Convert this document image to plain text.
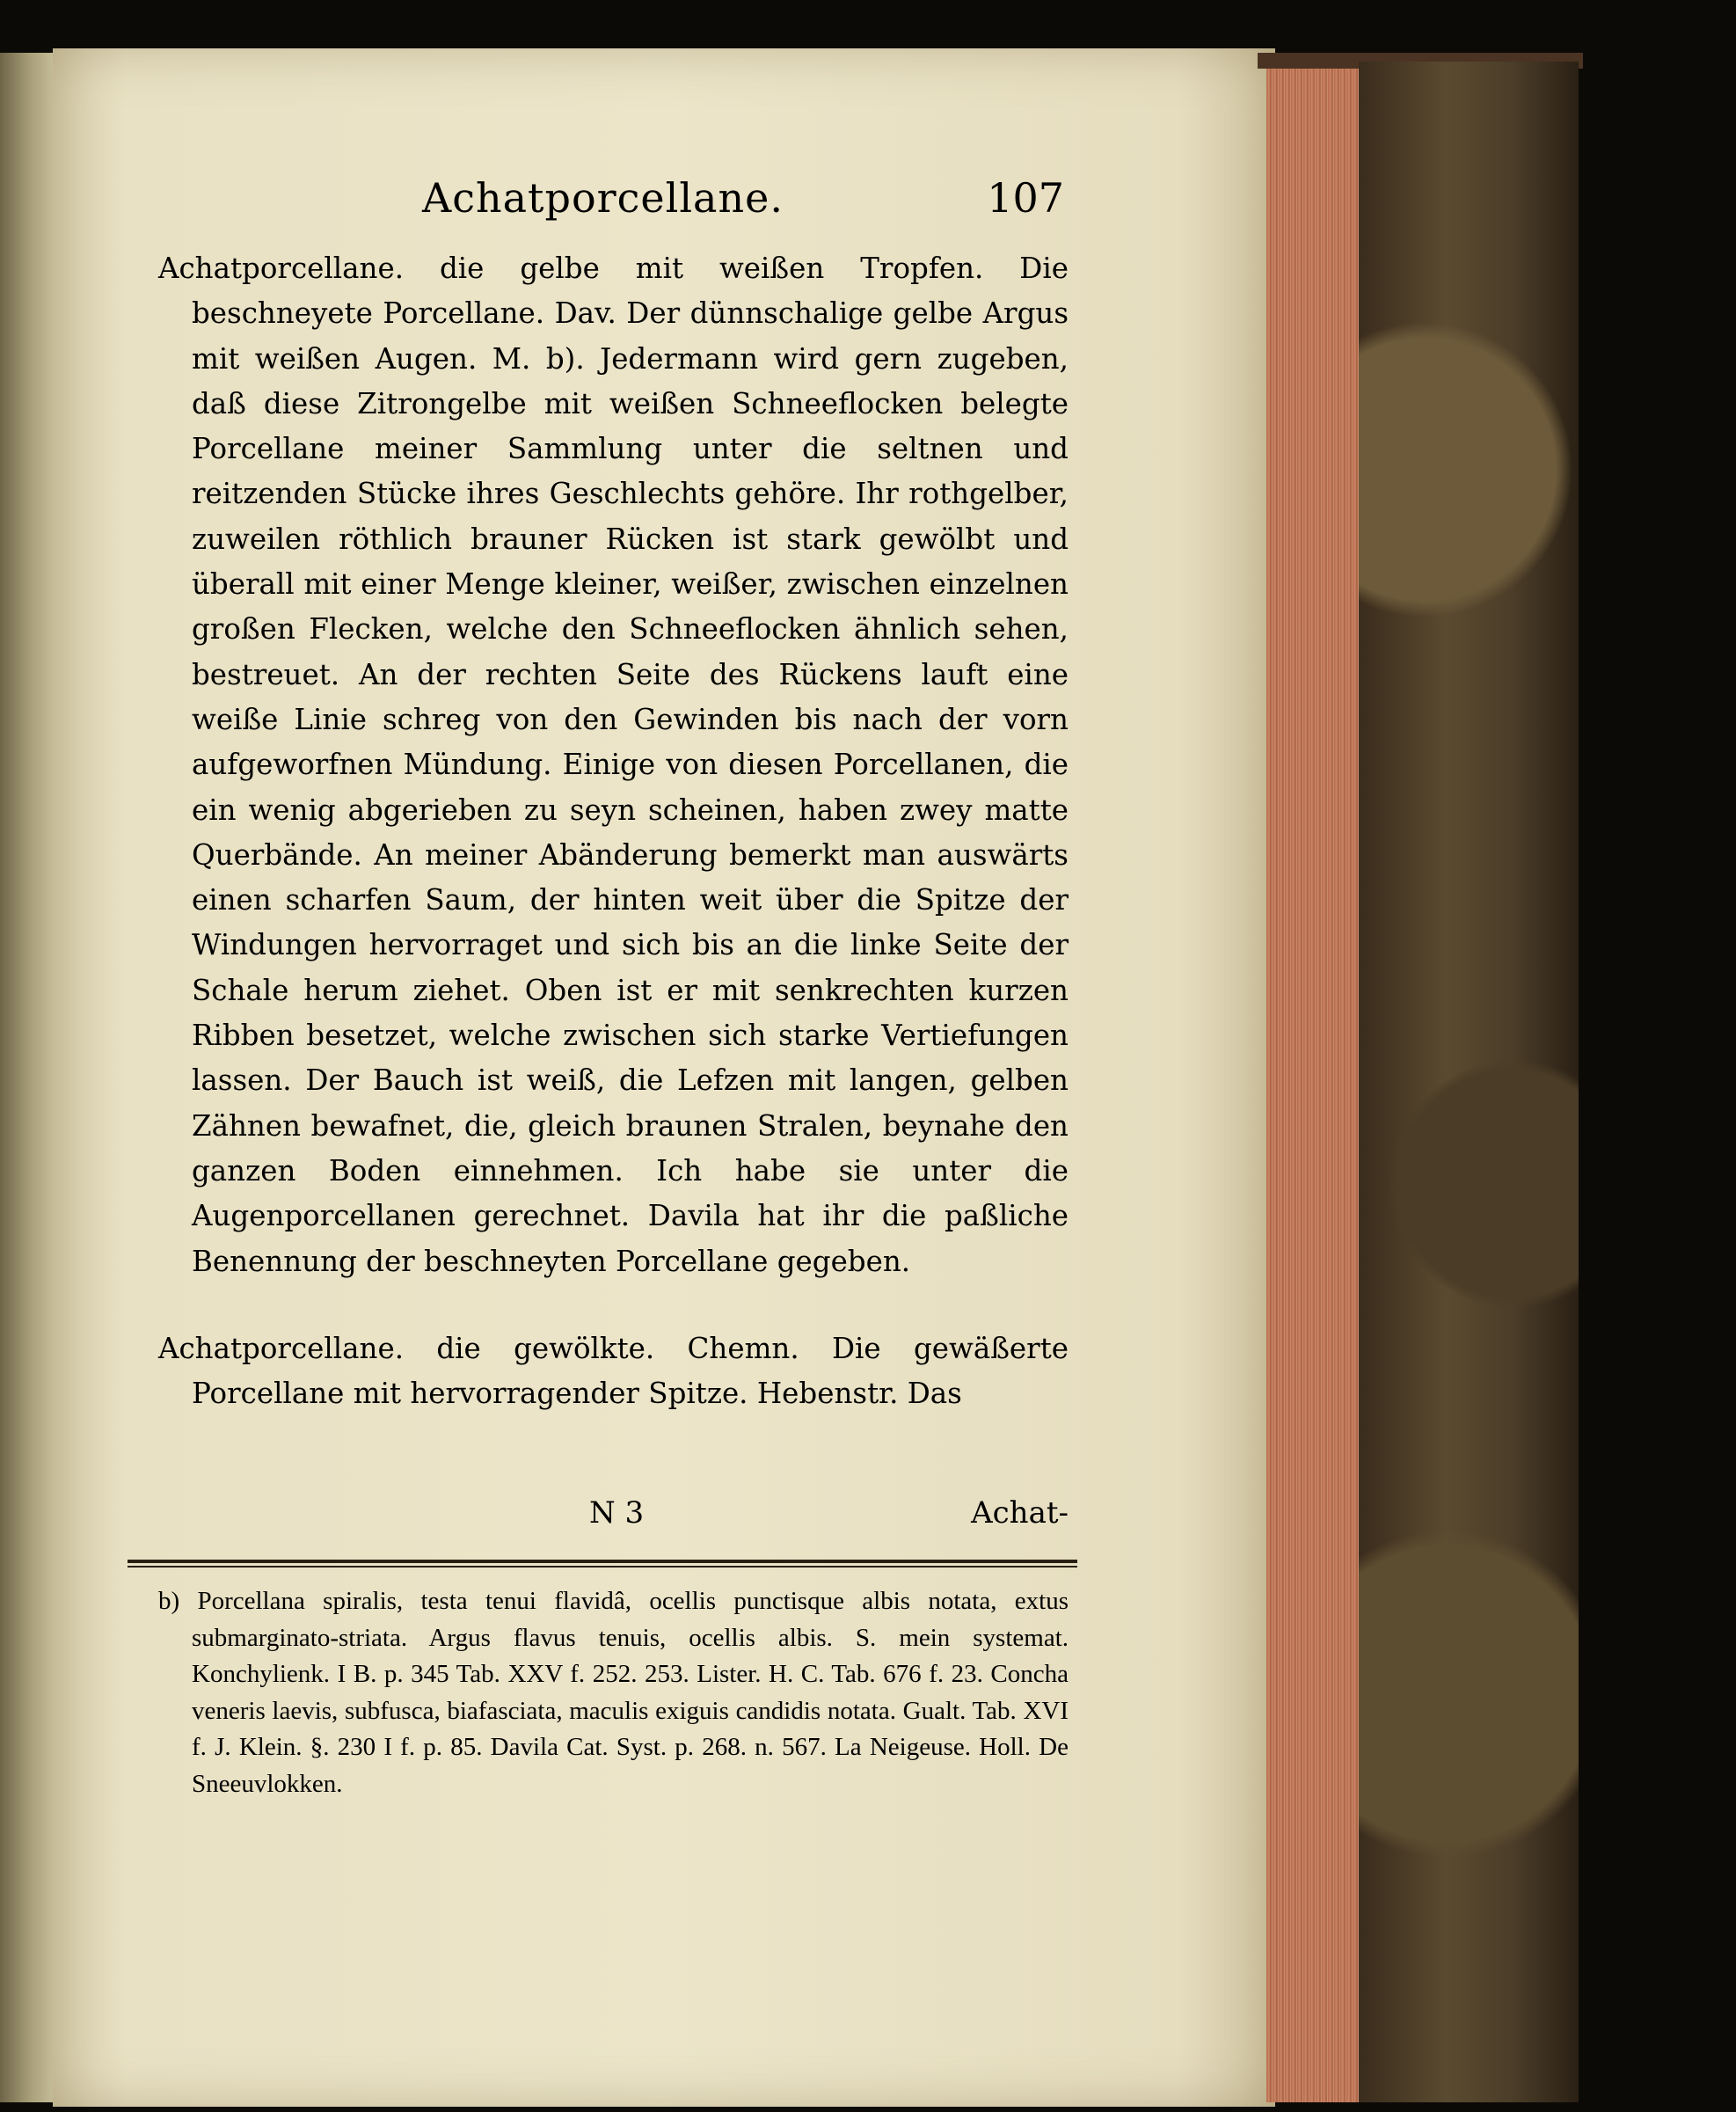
Achatporcellane.	107

Achatporcellane. die gelbe mit weißen Tropfen. Die beschneyete Porcellane. Dav. Der dünnschalige gelbe Argus mit weißen Augen. M. b). Jedermann wird gern zugeben, daß diese Zitrongelbe mit weißen Schneeflocken belegte Porcellane meiner Sammlung unter die seltnen und reitzenden Stücke ihres Geschlechts gehöre. Ihr rothgelber, zuweilen röthlich brauner Rücken ist stark gewölbt und überall mit einer Menge kleiner, weißer, zwischen einzelnen großen Flecken, welche den Schneeflocken ähnlich sehen, bestreuet. An der rechten Seite des Rückens lauft eine weiße Linie schreg von den Gewinden bis nach der vorn aufgeworfnen Mündung. Einige von diesen Porcellanen, die ein wenig abgerieben zu seyn scheinen, haben zwey matte Querbände. An meiner Abänderung bemerkt man auswärts einen scharfen Saum, der hinten weit über die Spitze der Windungen hervorraget und sich bis an die linke Seite der Schale herum ziehet. Oben ist er mit senkrechten kurzen Ribben besetzet, welche zwischen sich starke Vertiefungen lassen. Der Bauch ist weiß, die Lefzen mit langen, gelben Zähnen bewafnet, die, gleich braunen Stralen, beynahe den ganzen Boden einnehmen. Ich habe sie unter die Augenporcellanen gerechnet. Davila hat ihr die paßliche Benennung der beschneyten Porcellane gegeben.

Achatporcellane. die gewölkte. Chemn. Die gewäßerte Porcellane mit hervorragender Spitze. Hebenstr. Das

N 3	Achat-

b) Porcellana spiralis, testa tenui flavidâ, ocellis punctisque albis notata, extus submarginato-striata. Argus flavus tenuis, ocellis albis. S. mein systemat. Konchylienk. I B. p. 345 Tab. XXV f. 252. 253. Lister. H. C. Tab. 676 f. 23. Concha veneris laevis, subfusca, biafasciata, maculis exiguis candidis notata. Gualt. Tab. XVI f. J. Klein. §. 230 I f. p. 85. Davila Cat. Syst. p. 268. n. 567. La Neigeuse. Holl. De Sneeuvlokken.
